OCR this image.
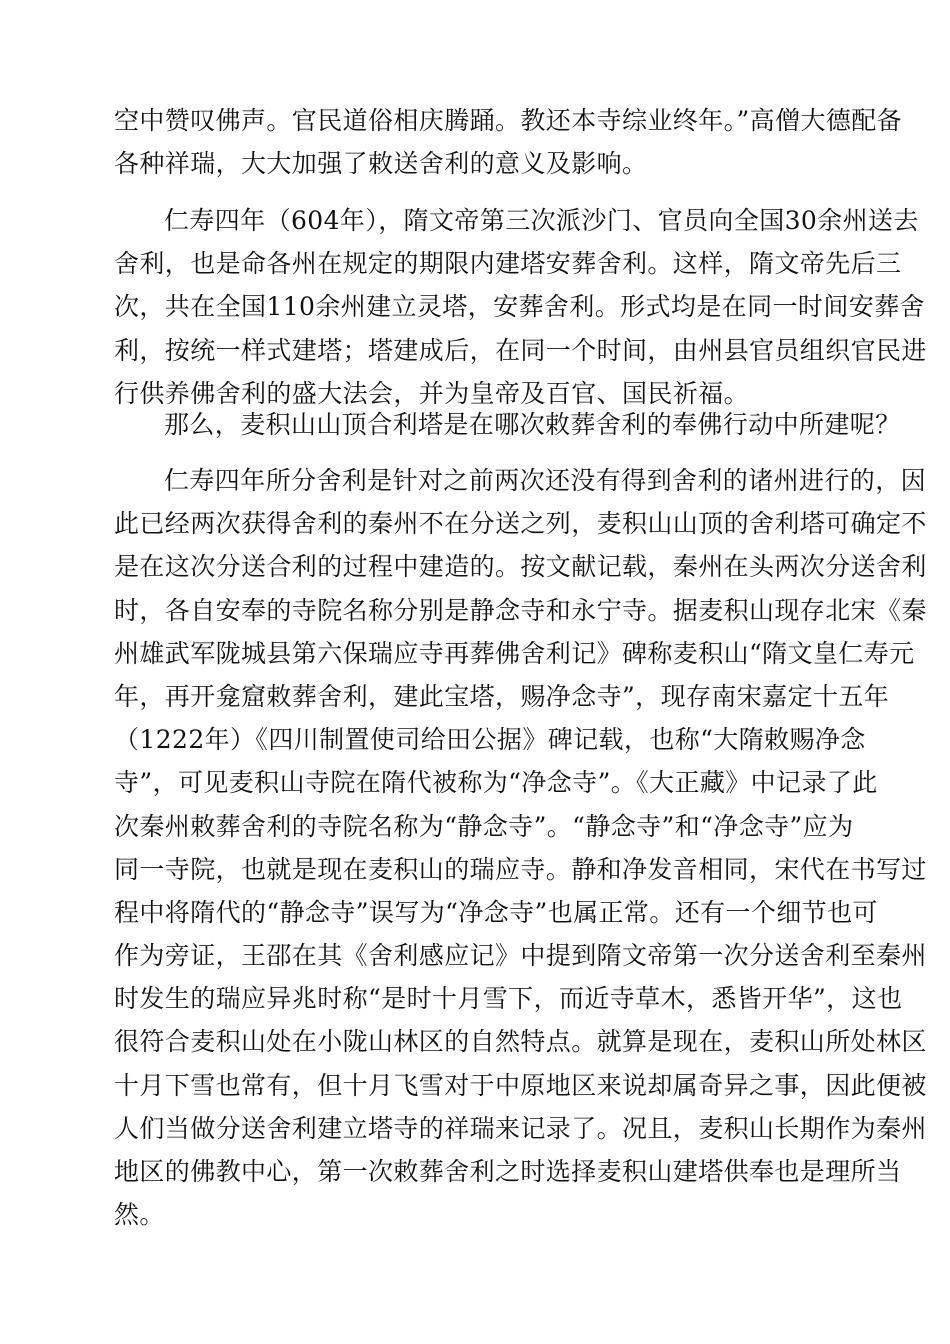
空中赞叹佛声。官民道俗相庆腾踊。教还本寺综业终年。”高僧大德配备
各种祥瑞，大大加强了敕送舍利的意义及影响。
仁寿四年（604年），隋文帝第三次派沙门、官员向全国30余州送去
舍利，也是命各州在规定的期限内建塔安葬舍利。这样，隋文帝先后三
次，共在全国110余州建立灵塔，安葬舍利。形式均是在同一时间安葬舍
利，按统一样式建塔；塔建成后，在同一个时间，由州县官员组织官民进
行供养佛舍利的盛大法会，并为皇帝及百官、国民祈福。
那么，麦积山山顶合利塔是在哪次敕葬舍利的奉佛行动中所建呢？
仁寿四年所分舍利是针对之前两次还没有得到舍利的诸州进行的，因
此已经两次获得舍利的秦州不在分送之列，麦积山山顶的舍利塔可确定不
是在这次分送合利的过程中建造的。按文献记载，秦州在头两次分送舍利
时，各自安奉的寺院名称分别是静念寺和永宁寺。据麦积山现存北宋《秦
州雄武军陇城县第六保瑞应寺再葬佛舍利记》碑称麦积山“隋文皇仁寿元
年，再开龛窟敕葬舍利，建此宝塔，赐净念寺”，现存南宋嘉定十五年
（1222年）《四川制置使司给田公据》碑记载，也称“大隋敕赐净念
寺”，可见麦积山寺院在隋代被称为“净念寺”。《大正藏》中记录了此
次秦州敕葬舍利的寺院名称为“静念寺”。“静念寺”和“净念寺”应为
同一寺院，也就是现在麦积山的瑞应寺。静和净发音相同，宋代在书写过
程中将隋代的“静念寺”误写为“净念寺”也属正常。还有一个细节也可
作为旁证，王邵在其《舍利感应记》中提到隋文帝第一次分送舍利至秦州
时发生的瑞应异兆时称“是时十月雪下，而近寺草木，悉皆开华”，这也
很符合麦积山处在小陇山林区的自然特点。就算是现在，麦积山所处林区
十月下雪也常有，但十月飞雪对于中原地区来说却属奇异之事，因此便被
人们当做分送舍利建立塔寺的祥瑞来记录了。况且，麦积山长期作为秦州
地区的佛教中心，第一次敕葬舍利之时选择麦积山建塔供奉也是理所当
然。
